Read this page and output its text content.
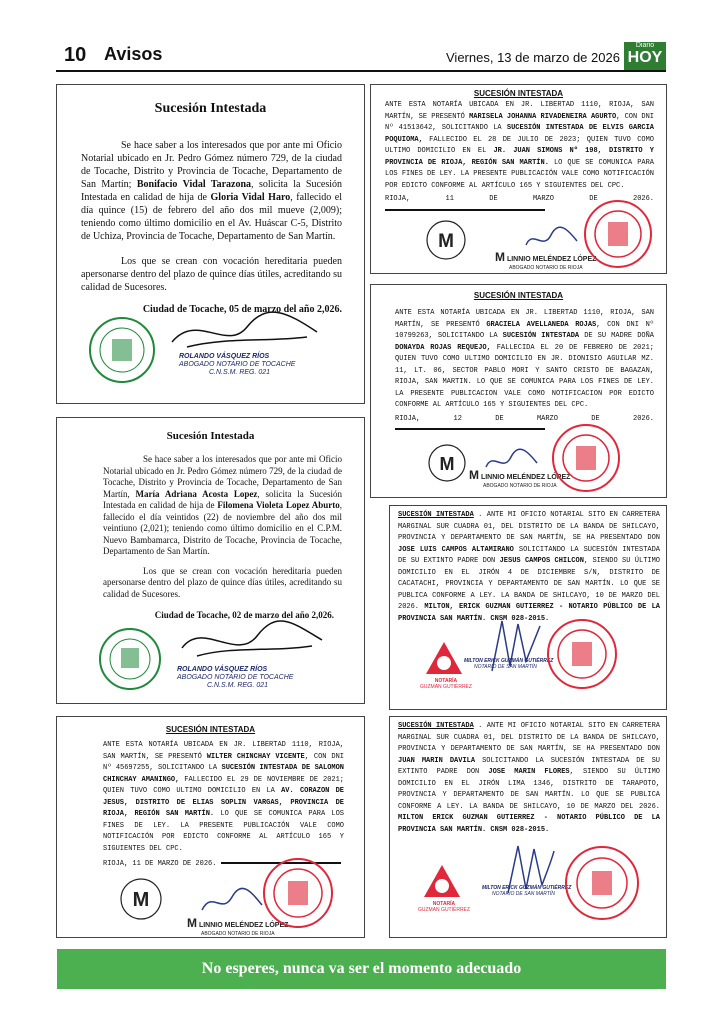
10 Avisos	Viernes, 13 de marzo de 2026
Diario
HOY
Sucesión Intestada
Se hace saber a los interesados que por ante mi Oficio Notarial ubicado en Jr. Pedro Gómez número 729, de la ciudad de Tocache, Distrito y Provincia de Tocache, Departamento de San Martín; Bonifacio Vidal Tarazona, solicita la Sucesión Intestada en calidad de hija de Gloria Vidal Haro, fallecido el día quince (15) de febrero del año dos mil mueve (2,009); teniendo como último domicilio en el Av. Huáscar C-5, Distrito de Uchiza, Provincia de Tocache, Departamento de San Martín.
Los que se crean con vocación hereditaria pueden apersonarse dentro del plazo de quince días útiles, acreditando su calidad de Sucesores.
Ciudad de Tocache, 05 de marzo del año 2,026.
ROLANDO VÁSQUEZ RÍOS
ABOGADO NOTARIO DE TOCACHE
C.N.S.M. REG. 021
Sucesión Intestada
Se hace saber a los interesados que por ante mi Oficio Notarial ubicado en Jr. Pedro Gómez número 729, de la ciudad de Tocache, Distrito y Provincia de Tocache, Departamento de San Martín, María Adriana Acosta Lopez, solicita la Sucesión Intestada en calidad de hija de Filomena Violeta Lopez Aburto, fallecido el día veintidos (22) de noviembre del año dos mil veintiuno (2,021); teniendo como último domicilio en el C.P.M. Nuevo Bambamarca, Distrito de Tocache, Provincia de Tocache, Departamento de San Martín.
Los que se crean con vocación hereditaria pueden apersonarse dentro del plazo de quince días útiles, acreditando su calidad de Sucesores.
Ciudad de Tocache, 02 de marzo del año 2,026.
ROLANDO VÁSQUEZ RÍOS
ABOGADO NOTARIO DE TOCACHE
C.N.S.M. REG. 021
SUCESIÓN INTESTADA
ANTE ESTA NOTARÍA UBICADA EN JR. LIBERTAD 1110, RIOJA, SAN MARTÍN, SE PRESENTÓ WILTER CHINCHAY VICENTE, CON DNI Nº 45697255, SOLICITANDO LA SUCESIÓN INTESTADA DE SALOMON CHINCHAY AMANINGO, FALLECIDO EL 29 DE NOVIEMBRE DE 2021; QUIEN TUVO COMO ULTIMO DOMICILIO EN LA AV. CORAZON DE JESUS, DISTRITO DE ELIAS SOPLIN VARGAS, PROVINCIA DE RIOJA, REGIÓN SAN MARTÍN. LO QUE SE COMUNICA PARA LOS FINES DE LEY. LA PRESENTE PUBLICACIÓN VALE COMO NOTIFICACIÓN POR EDICTO CONFORME AL ARTÍCULO 165 Y SIGUIENTES DEL CPC.
RIOJA, 11 DE MARZO DE 2026.
M
M LINNIO MELÉNDEZ LÓPEZ
ABOGADO NOTARIO DE RIOJA
SUCESIÓN INTESTADA
ANTE ESTA NOTARÍA UBICADA EN JR. LIBERTAD 1110, RIOJA, SAN MARTÍN, SE PRESENTÓ MARISELA JOHANNA RIVADENEIRA AGURTO, CON DNI Nº 41513642, SOLICITANDO LA SUCESIÓN INTESTADA DE ELVIS GARCIA POQUIOMA, FALLECIDO EL 28 DE JULIO DE 2023; QUIEN TUVO COMO ULTIMO DOMICILIO EN EL JR. JUAN SIMONS Nº 198, DISTRITO Y PROVINCIA DE RIOJA, REGIÓN SAN MARTÍN. LO QUE SE COMUNICA PARA LOS FINES DE LEY. LA PRESENTE PUBLICACIÓN VALE COMO NOTIFICACIÓN POR EDICTO CONFORME AL ARTÍCULO 165 Y SIGUIENTES DEL CPC.
RIOJA, 11 DE MARZO DE 2026.
M
M LINNIO MELÉNDEZ LÓPEZ
ABOGADO NOTARIO DE RIOJA
SUCESIÓN INTESTADA
ANTE ESTA NOTARÍA UBICADA EN JR. LIBERTAD 1110, RIOJA, SAN MARTÍN, SE PRESENTÓ GRACIELA AVELLANEDA ROJAS, CON DNI Nº 10799263, SOLICITANDO LA SUCESIÓN INTESTADA DE SU MADRE DOÑA DONAYDA ROJAS REQUEJO, FALLECIDA EL 20 DE FEBRERO DE 2021; QUIEN TUVO COMO ULTIMO DOMICILIO EN JR. DIONISIO AGUILAR MZ. 11, LT. 06, SECTOR PABLO MORI Y SANTO CRISTO DE BAGAZAN, RIOJA, SAN MARTIN. LO QUE SE COMUNICA PARA LOS FINES DE LEY. LA PRESENTE PUBLICACION VALE COMO NOTIFICACION POR EDICTO CONFORME AL ARTÍCULO 165 Y SIGUIENTES DEL CPC.
RIOJA, 12 DE MARZO DE 2026.
M
M LINNIO MELÉNDEZ LÓPEZ
ABOGADO NOTARIO DE RIOJA
SUCESIÓN INTESTADA . ANTE MI OFICIO NOTARIAL SITO EN CARRETERA MARGINAL SUR CUADRA 01, DEL DISTRITO DE LA BANDA DE SHILCAYO, PROVINCIA Y DEPARTAMENTO DE SAN MARTÍN, SE HA PRESENTADO DON JOSE LUIS CAMPOS ALTAMIRANO SOLICITANDO LA SUCESIÓN INTESTADA DE SU EXTINTO PADRE DON JESUS CAMPOS CHILCON, SIENDO SU ÚLTIMO DOMICILIO EN EL JIRÓN 4 DE DICIEMBRE S/N, DISTRITO DE CACATACHI, PROVINCIA Y DEPARTAMENTO DE SAN MARTÍN. LO QUE SE PUBLICA CONFORME A LEY. LA BANDA DE SHILCAYO, 10 DE MARZO DEL 2026. MILTON, ERICK GUZMAN GUTIERREZ - NOTARIO PÚBLICO DE LA PROVINCIA SAN MARTÍN. CNSM 028-2015.
NOTARÍA
GUZMAN GUTIÉRREZ
MILTON ERICK GUZMÁN GUTIÉRREZ
NOTARIO DE SAN MARTÍN
SUCESIÓN INTESTADA . ANTE MI OFICIO NOTARIAL SITO EN CARRETERA MARGINAL SUR CUADRA 01, DEL DISTRITO DE LA BANDA DE SHILCAYO, PROVINCIA Y DEPARTAMENTO DE SAN MARTÍN, SE HA PRESENTADO DON JUAN MARIN DAVILA SOLICITANDO LA SUCESIÓN INTESTADA DE SU EXTINTO PADRE DON JOSE MARIN FLORES, SIENDO SU ÚLTIMO DOMICILIO EN EL JIRÓN LIMA 1346, DISTRITO DE TARAPOTO, PROVINCIA Y DEPARTAMENTO DE SAN MARTÍN. LO QUE SE PUBLICA CONFORME A LEY. LA BANDA DE SHILCAYO, 10 DE MARZO DEL 2026. MILTON ERICK GUZMAN GUTIERREZ - NOTARIO PÚBLICO DE LA PROVINCIA SAN MARTÍN. CNSM 028-2015.
NOTARÍA
GUZMAN GUTIÉRREZ
MILTON ERICK GUZMÁN GUTIÉRREZ
NOTARIO DE SAN MARTÍN
No esperes, nunca va ser el momento adecuado
